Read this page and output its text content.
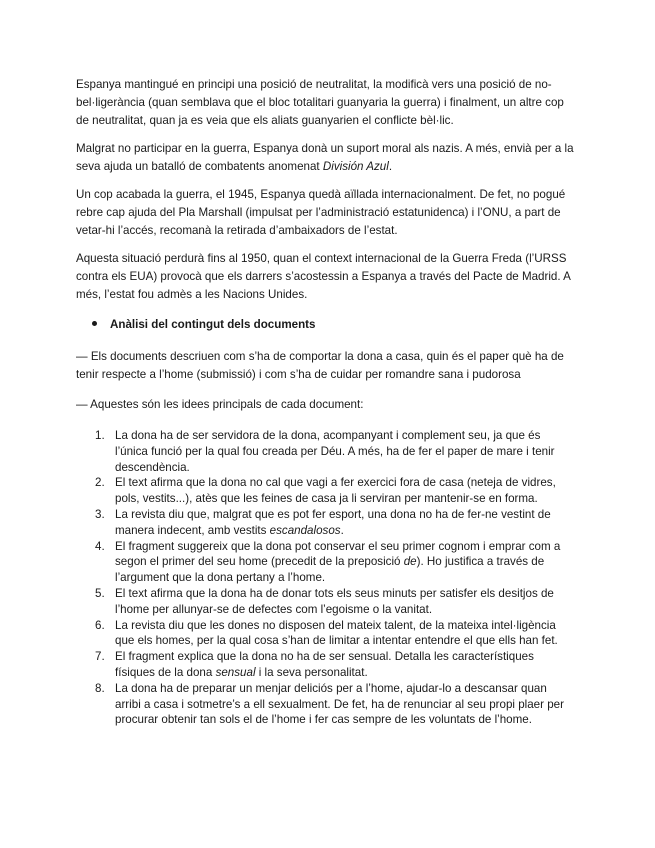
Espanya mantingué en principi una posició de neutralitat, la modificà vers una posició de no-bel·ligerància (quan semblava que el bloc totalitari guanyaria la guerra) i finalment, un altre cop de neutralitat, quan ja es veia que els aliats guanyarien el conflicte bèl·lic.

Malgrat no participar en la guerra, Espanya donà un suport moral als nazis. A més, envià per a la seva ajuda un batalló de combatents anomenat División Azul.

Un cop acabada la guerra, el 1945, Espanya quedà aïllada internacionalment. De fet, no pogué rebre cap ajuda del Pla Marshall (impulsat per l’administració estatunidenca) i l’ONU, a part de vetar-hi l’accés, recomanà la retirada d’ambaixadors de l’estat.

Aquesta situació perdurà fins al 1950, quan el context internacional de la Guerra Freda (l’URSS contra els EUA) provocà que els darrers s’acostessin a Espanya a través del Pacte de Madrid. A més, l’estat fou admès a les Nacions Unides.

Anàlisi del contingut dels documents

— Els documents descriuen com s’ha de comportar la dona a casa, quin és el paper què ha de tenir respecte a l’home (submissió) i com s’ha de cuidar per romandre sana i pudorosa

— Aquestes són les idees principals de cada document:

1. La dona ha de ser servidora de la dona, acompanyant i complement seu, ja que és l’única funció per la qual fou creada per Déu. A més, ha de fer el paper de mare i tenir descendència.
2. El text afirma que la dona no cal que vagi a fer exercici fora de casa (neteja de vidres, pols, vestits...), atès que les feines de casa ja li serviran per mantenir-se en forma.
3. La revista diu que, malgrat que es pot fer esport, una dona no ha de fer-ne vestint de manera indecent, amb vestits escandalosos.
4. El fragment suggereix que la dona pot conservar el seu primer cognom i emprar com a segon el primer del seu home (precedit de la preposició de). Ho justifica a través de l’argument que la dona pertany a l’home.
5. El text afirma que la dona ha de donar tots els seus minuts per satisfer els desitjos de l’home per allunyar-se de defectes com l’egoisme o la vanitat.
6. La revista diu que les dones no disposen del mateix talent, de la mateixa intel·ligència que els homes, per la qual cosa s’han de limitar a intentar entendre el que ells han fet.
7. El fragment explica que la dona no ha de ser sensual. Detalla les característiques físiques de la dona sensual i la seva personalitat.
8. La dona ha de preparar un menjar deliciós per a l’home, ajudar-lo a descansar quan arribi a casa i sotmetre’s a ell sexualment. De fet, ha de renunciar al seu propi plaer per procurar obtenir tan sols el de l’home i fer cas sempre de les voluntats de l’home.
